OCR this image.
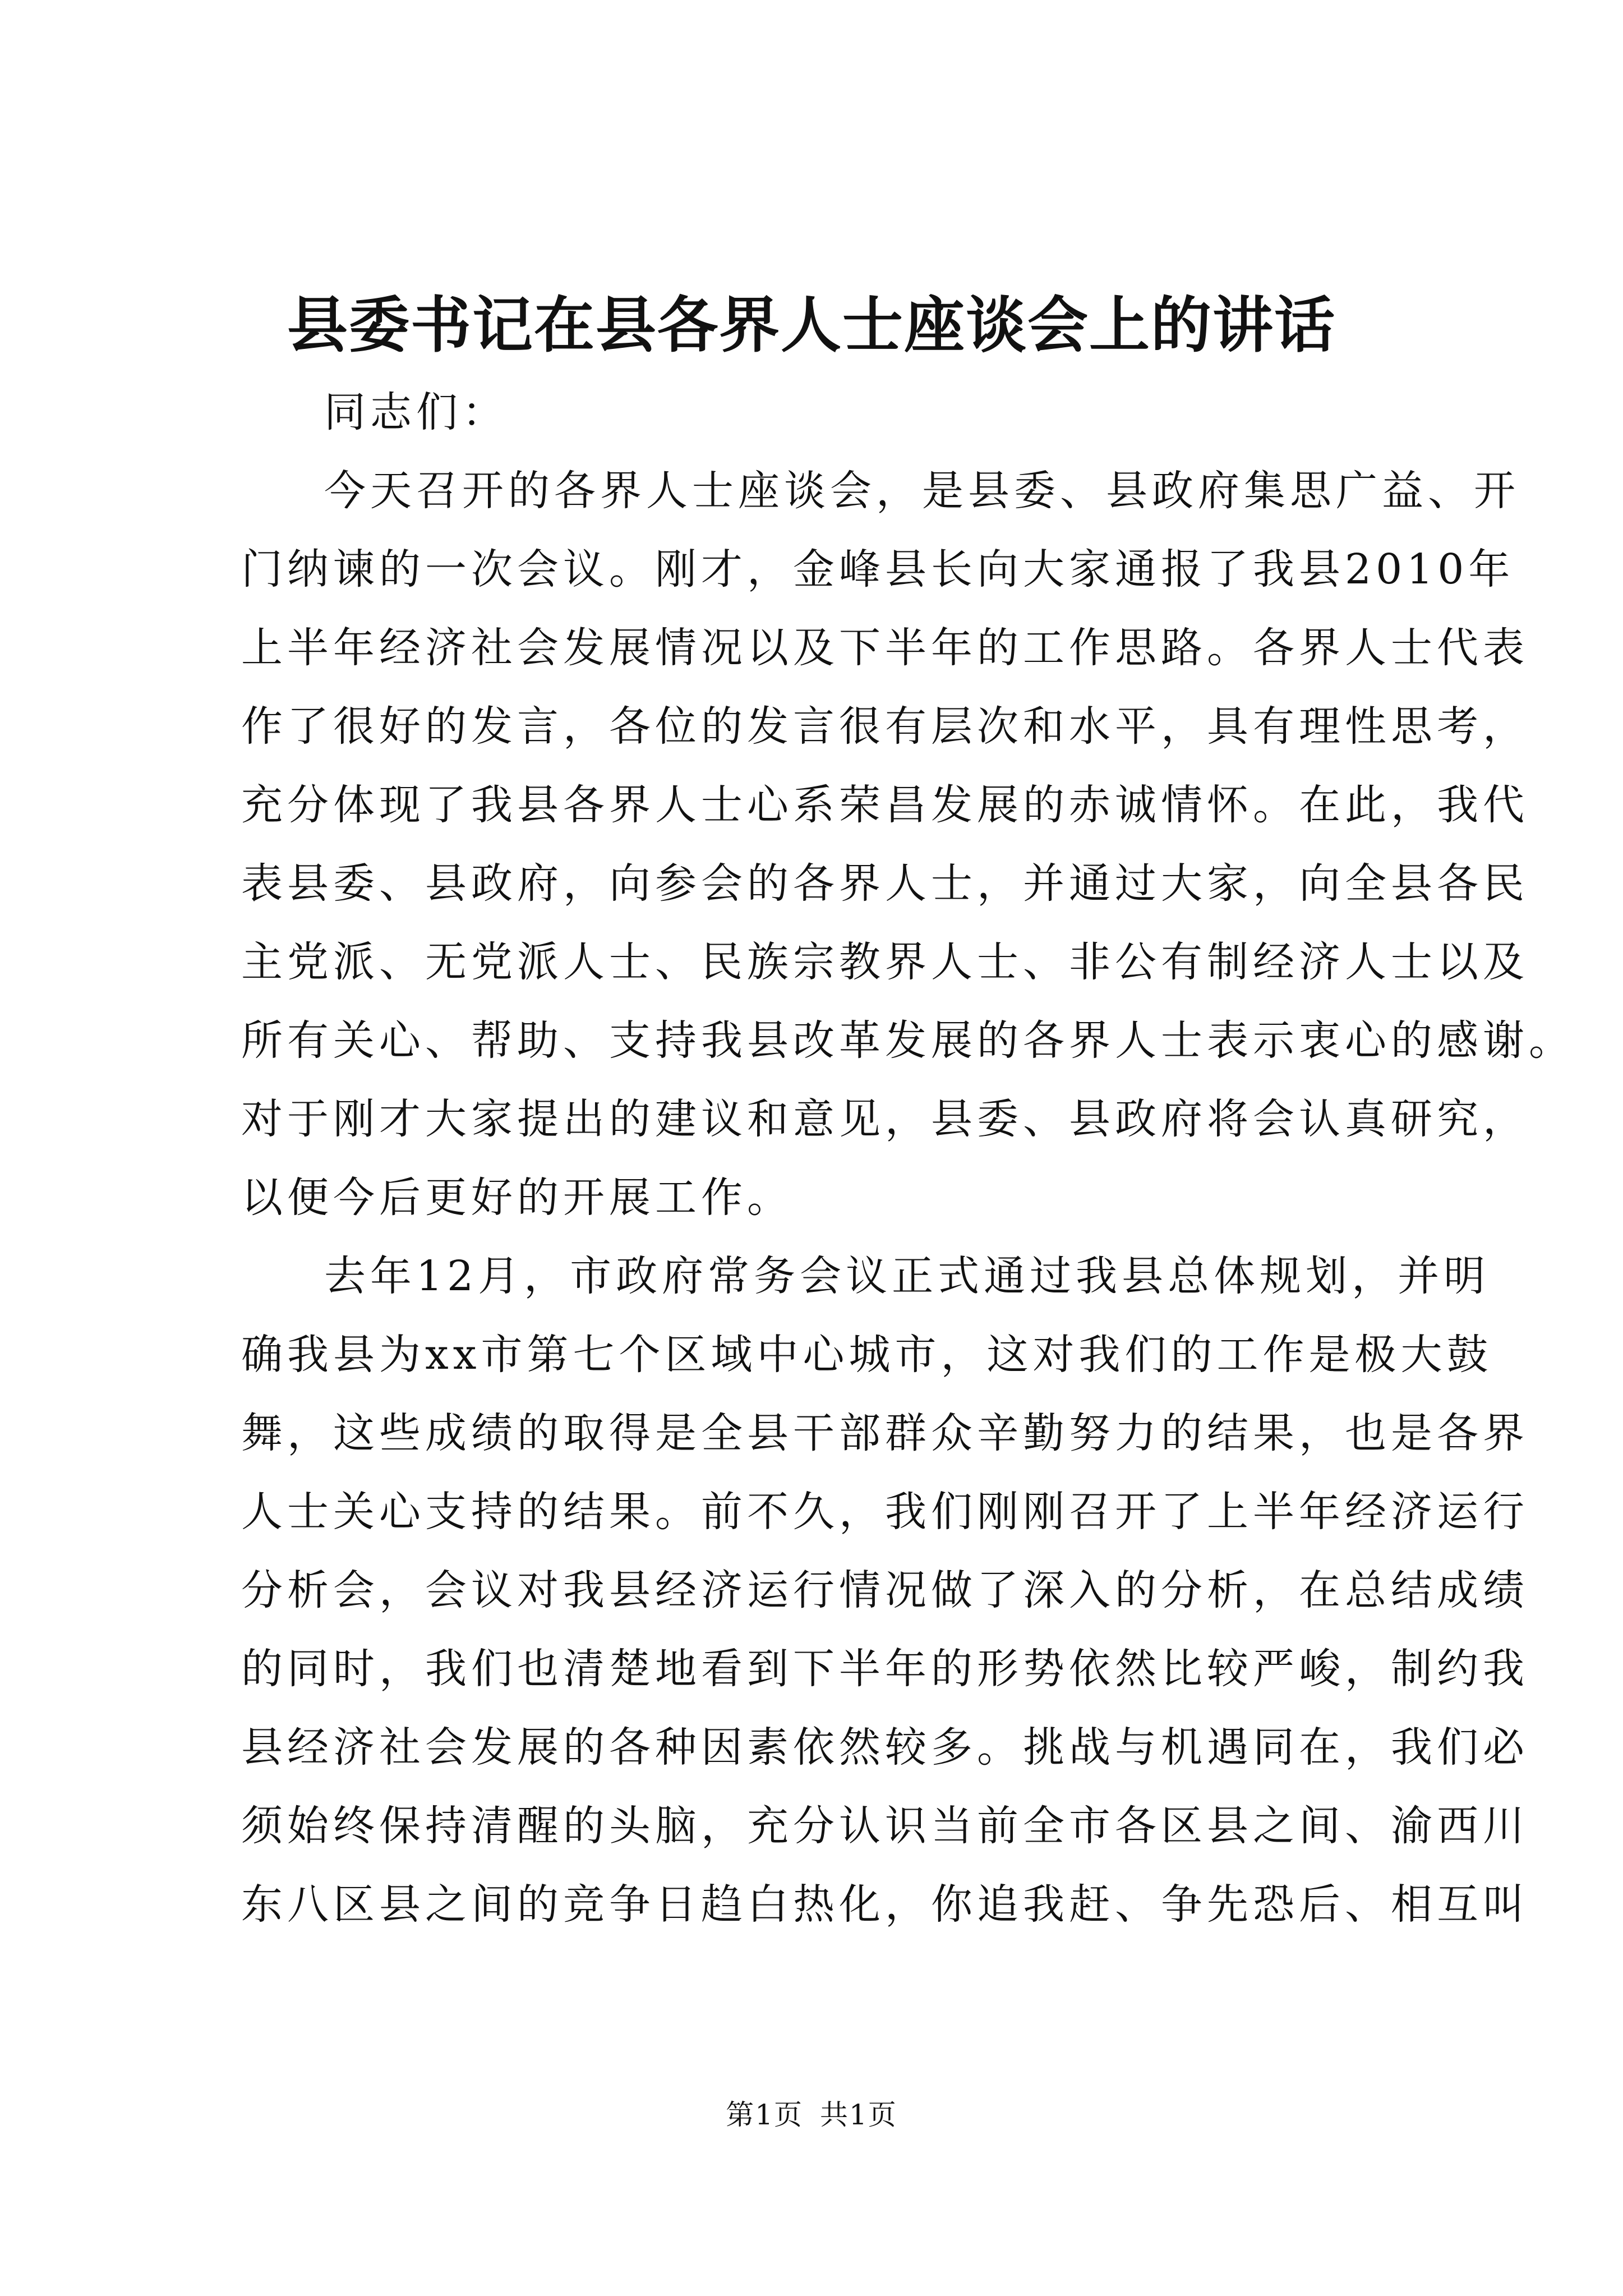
县委书记在县各界人士座谈会上的讲话
同志们：
今天召开的各界人士座谈会，是县委、县政府集思广益、开
门纳谏的一次会议。刚才，金峰县长向大家通报了我县2010年
上半年经济社会发展情况以及下半年的工作思路。各界人士代表
作了很好的发言，各位的发言很有层次和水平，具有理性思考，
充分体现了我县各界人士心系荣昌发展的赤诚情怀。在此，我代
表县委、县政府，向参会的各界人士，并通过大家，向全县各民
主党派、无党派人士、民族宗教界人士、非公有制经济人士以及
所有关心、帮助、支持我县改革发展的各界人士表示衷心的感谢。
对于刚才大家提出的建议和意见，县委、县政府将会认真研究，
以便今后更好的开展工作。
去年12月，市政府常务会议正式通过我县总体规划，并明
确我县为xx市第七个区域中心城市，这对我们的工作是极大鼓
舞，这些成绩的取得是全县干部群众辛勤努力的结果，也是各界
人士关心支持的结果。前不久，我们刚刚召开了上半年经济运行
分析会，会议对我县经济运行情况做了深入的分析，在总结成绩
的同时，我们也清楚地看到下半年的形势依然比较严峻，制约我
县经济社会发展的各种因素依然较多。挑战与机遇同在，我们必
须始终保持清醒的头脑，充分认识当前全市各区县之间、渝西川
东八区县之间的竞争日趋白热化，你追我赶、争先恐后、相互叫
第1页 共1页
